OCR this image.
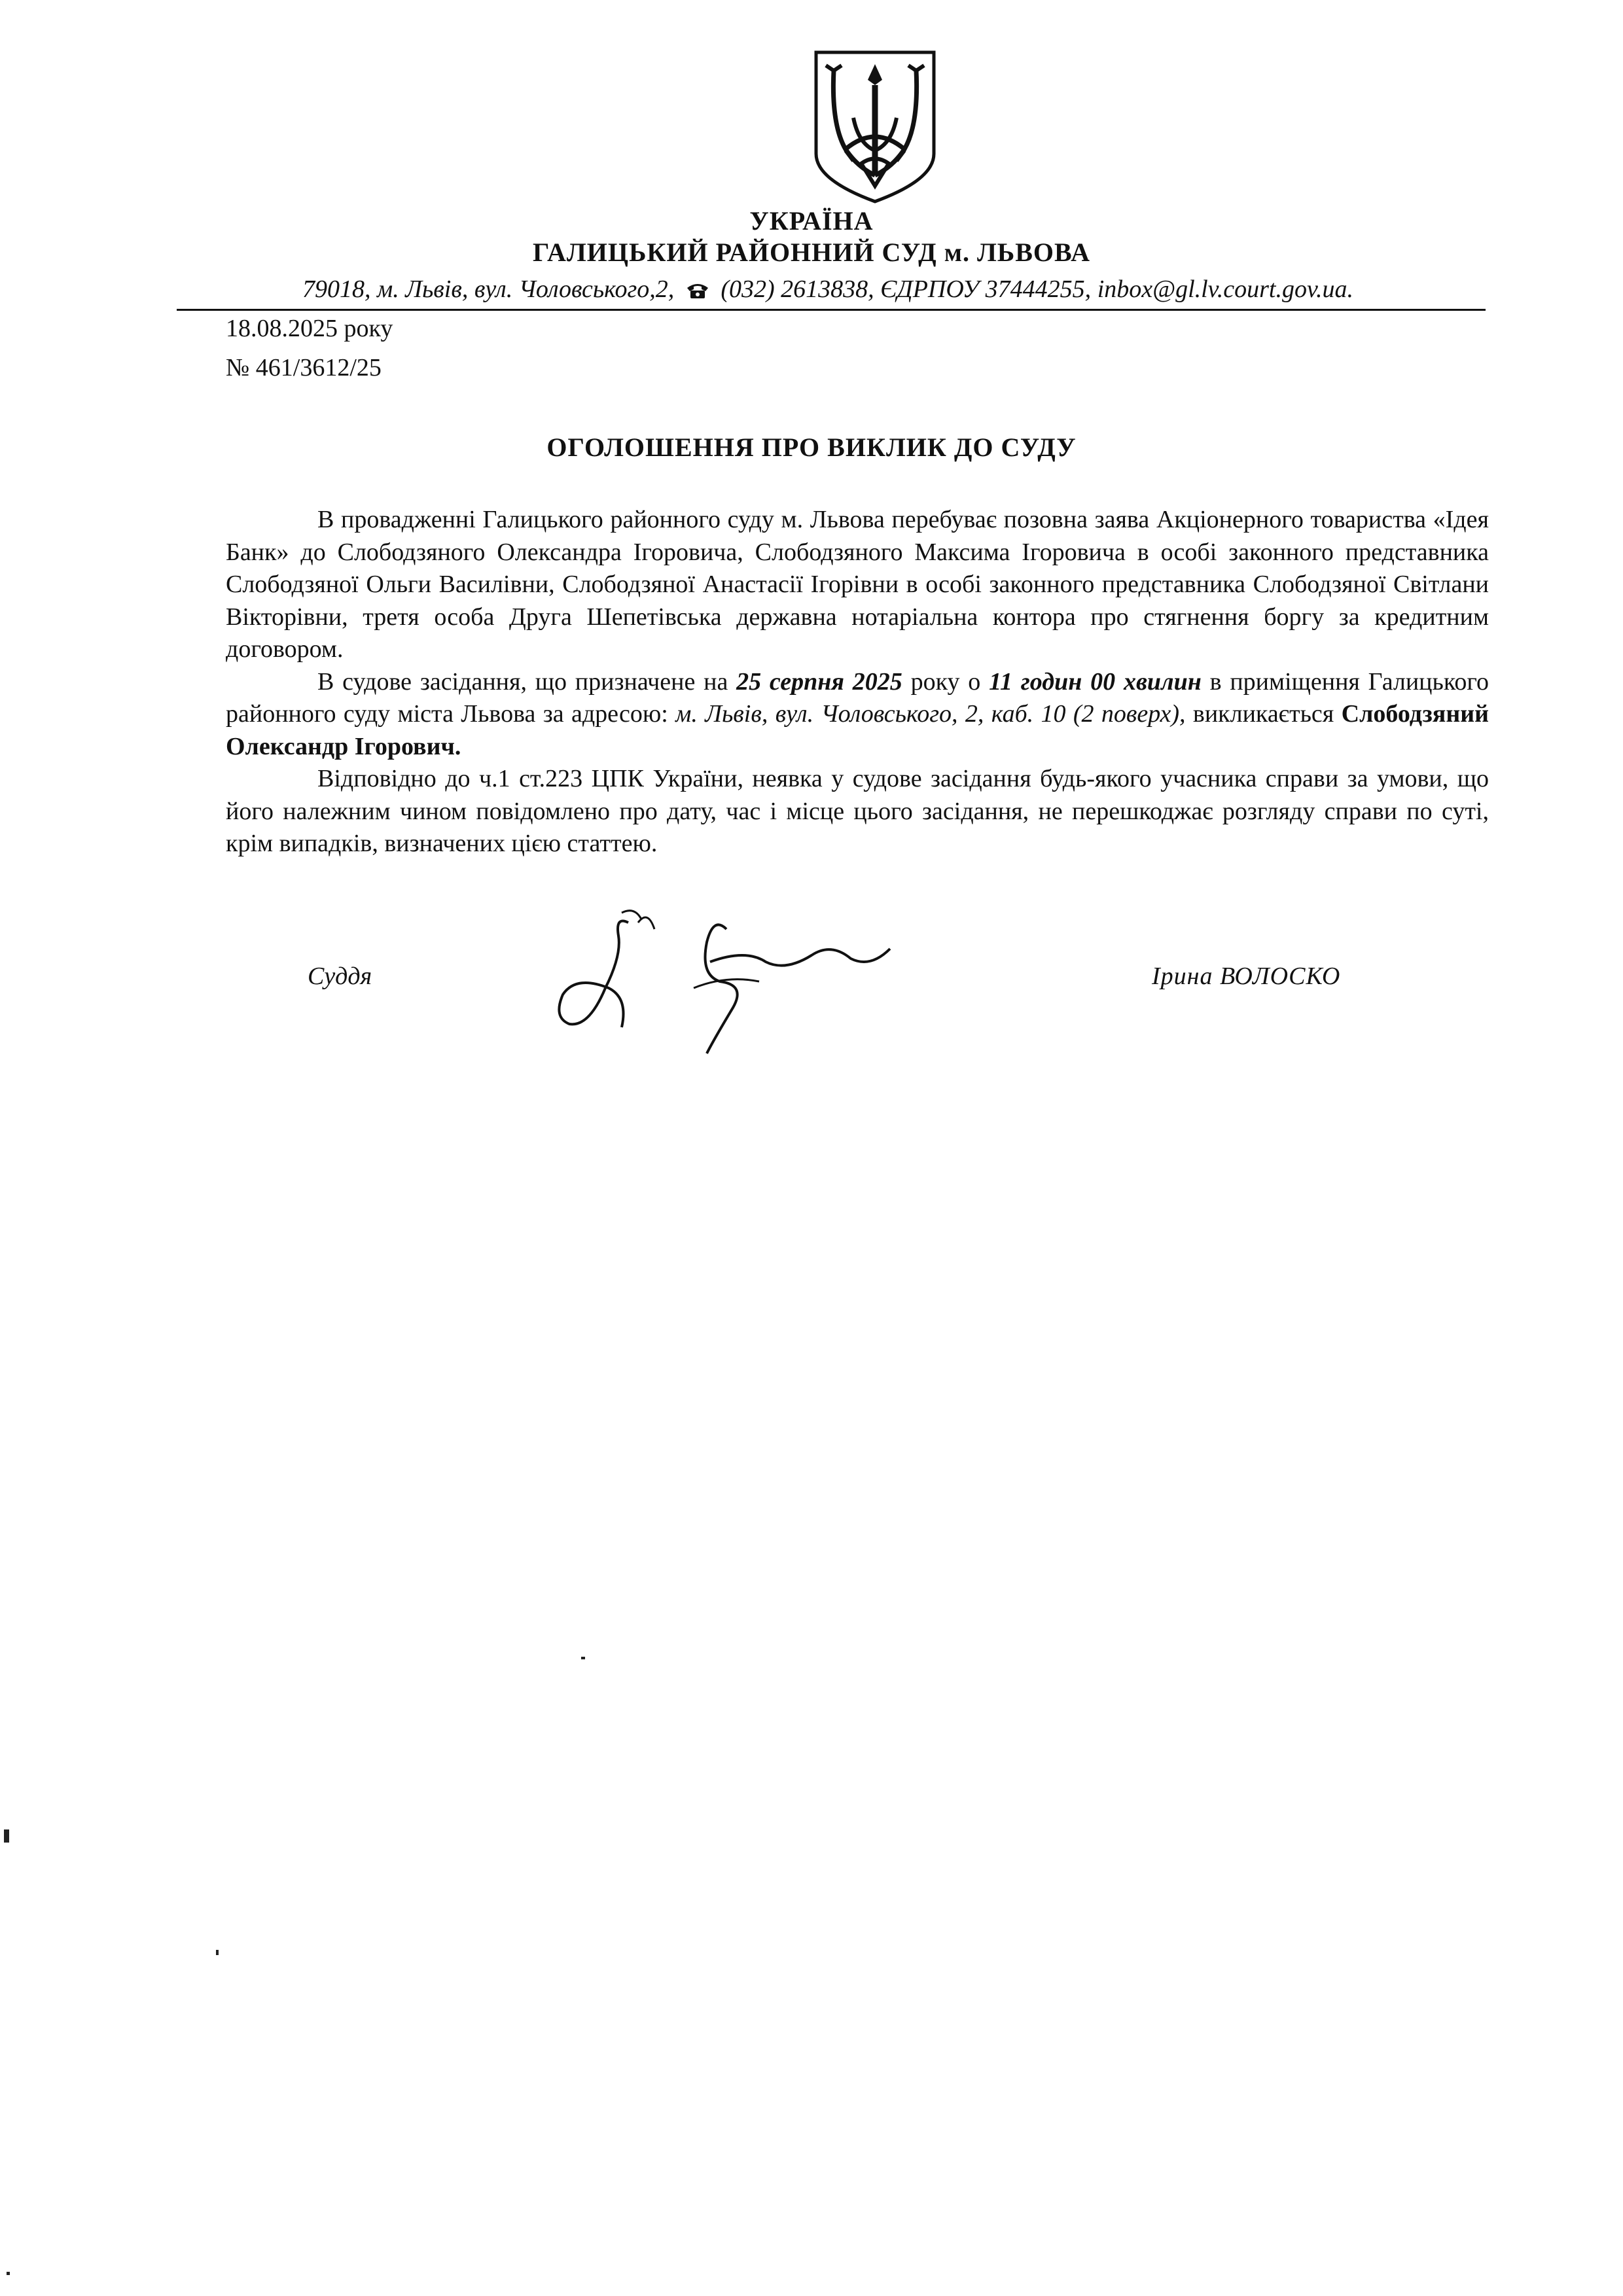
УКРАЇНА
ГАЛИЦЬКИЙ РАЙОННИЙ СУД м. ЛЬВОВА
79018, м. Львів, вул. Чоловського,2, (032) 2613838, ЄДРПОУ 37444255, inbox@gl.lv.court.gov.ua.
18.08.2025 року
№ 461/3612/25
ОГОЛОШЕННЯ ПРО ВИКЛИК ДО СУДУ

В провадженні Галицького районного суду м. Львова перебуває позовна заява Акціонерного товариства «Ідея Банк» до Слободзяного Олександра Ігоровича, Слободзяного Максима Ігоровича в особі законного представника Слободзяної Ольги Василівни, Слободзяної Анастасії Ігорівни в особі законного представника Слободзяної Світлани Вікторівни, третя особа Друга Шепетівська державна нотаріальна контора про стягнення боргу за кредитним договором.

В судове засідання, що призначене на 25 серпня 2025 року о 11 годин 00 хвилин в приміщення Галицького районного суду міста Львова за адресою: м. Львів, вул. Чоловського, 2, каб. 10 (2 поверх), викликається Слободзяний Олександр Ігорович.

Відповідно до ч.1 ст.223 ЦПК України, неявка у судове засідання будь-якого учасника справи за умови, що його належним чином повідомлено про дату, час і місце цього засідання, не перешкоджає розгляду справи по суті, крім випадків, визначених цією статтею.

Суддя	Ірина ВОЛОСКО
